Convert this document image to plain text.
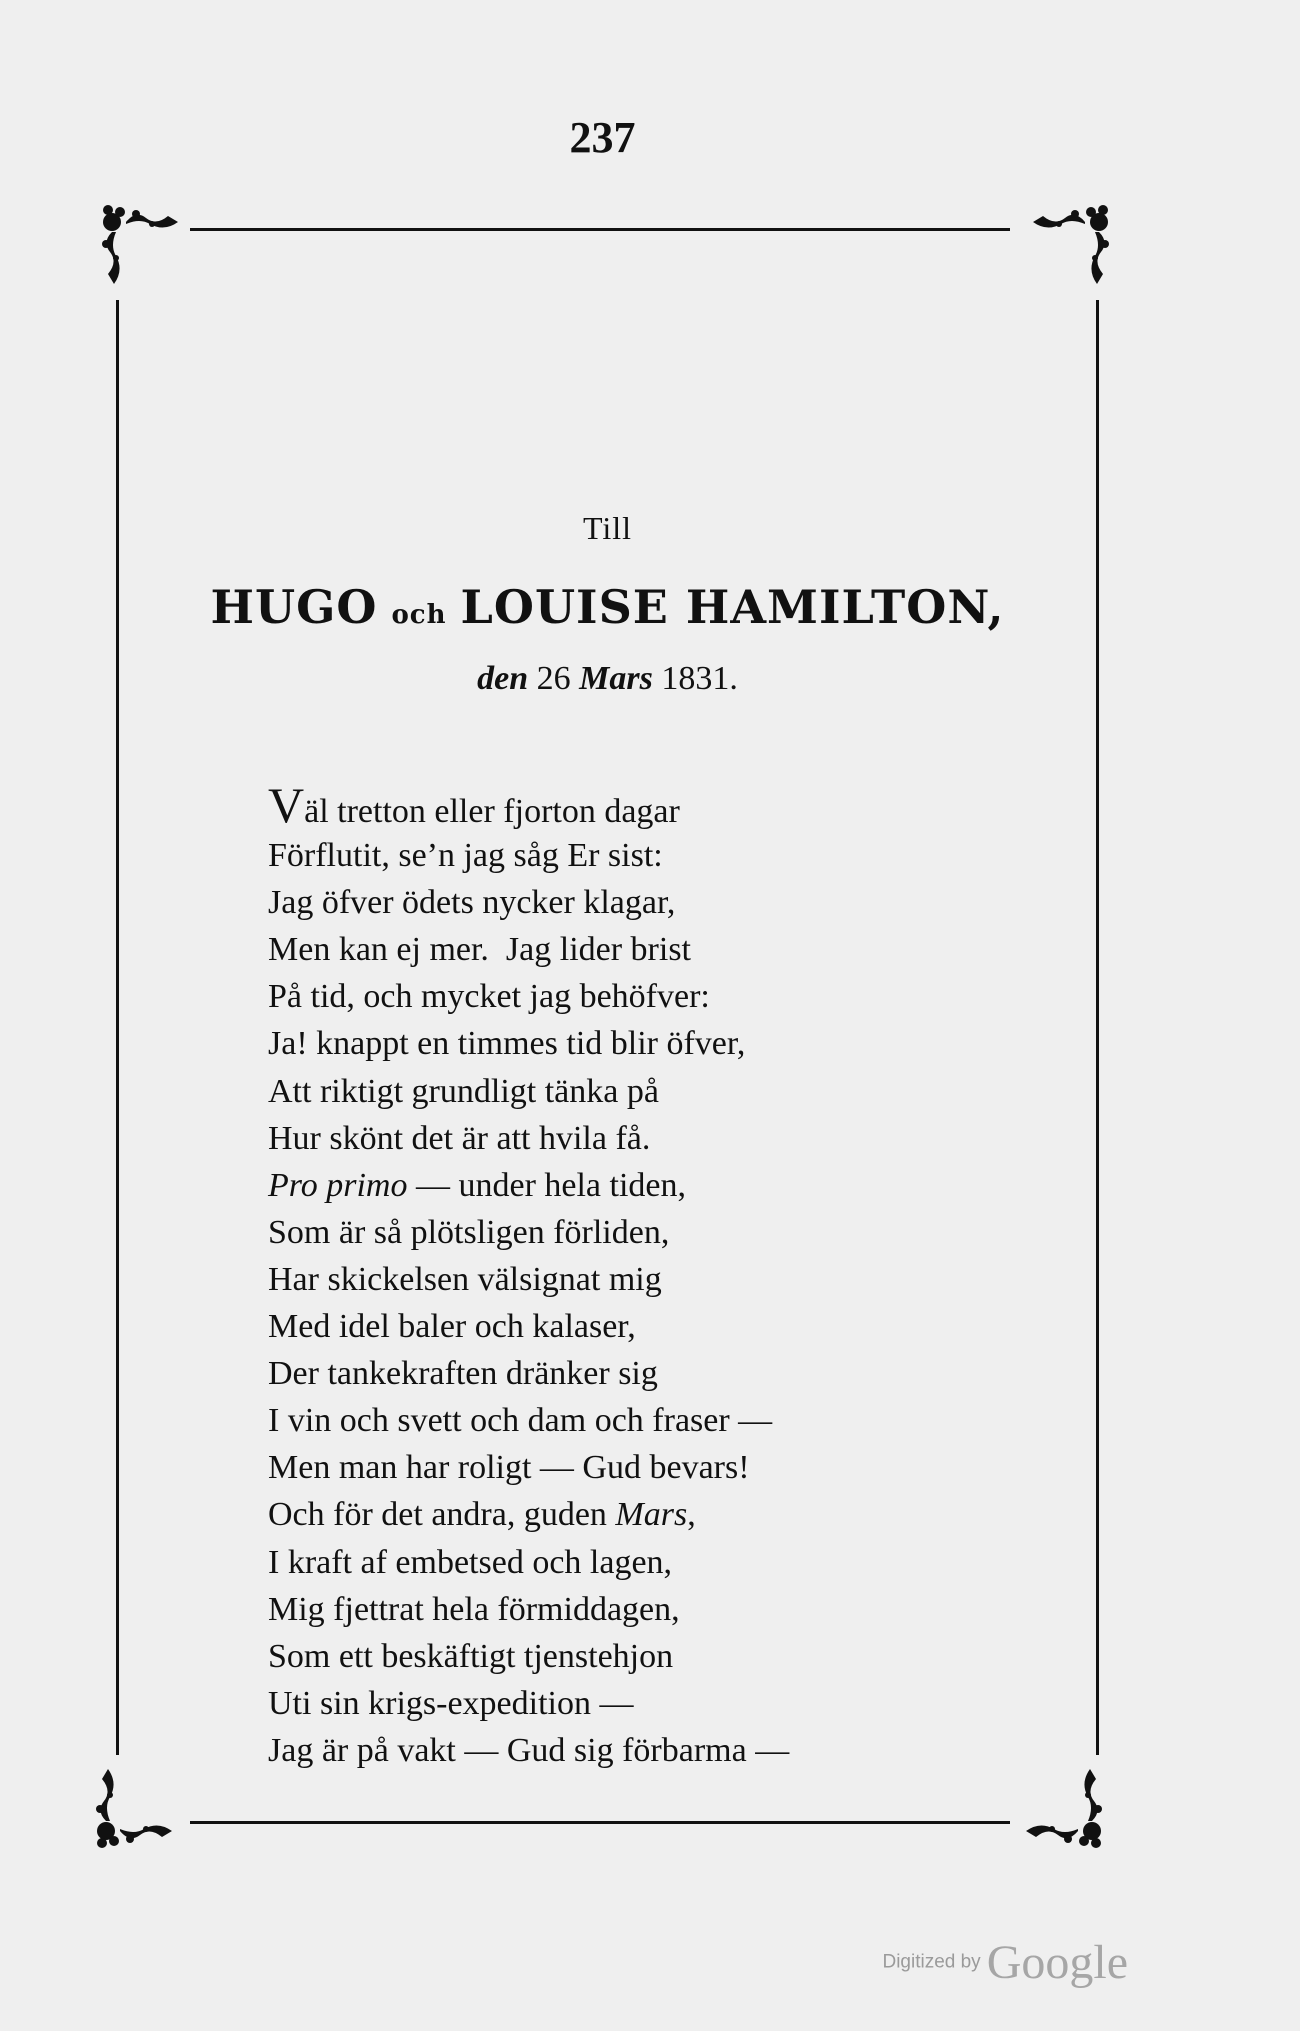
237
Till
HUGO och LOUISE HAMILTON,
den 26 Mars 1831.
Väl tretton eller fjorton dagar
Förflutit, se’n jag såg Er sist:
Jag öfver ödets nycker klagar,
Men kan ej mer.  Jag lider brist
På tid, och mycket jag behöfver:
Ja! knappt en timmes tid blir öfver,
Att riktigt grundligt tänka på
Hur skönt det är att hvila få.
Pro primo — under hela tiden,
Som är så plötsligen förliden,
Har skickelsen välsignat mig
Med idel baler och kalaser,
Der tankekraften dränker sig
I vin och svett och dam och fraser —
Men man har roligt — Gud bevars!
Och för det andra, guden Mars,
I kraft af embetsed och lagen,
Mig fjettrat hela förmiddagen,
Som ett beskäftigt tjenstehjon
Uti sin krigs-expedition —
Jag är på vakt — Gud sig förbarma —
Digitized by Google
